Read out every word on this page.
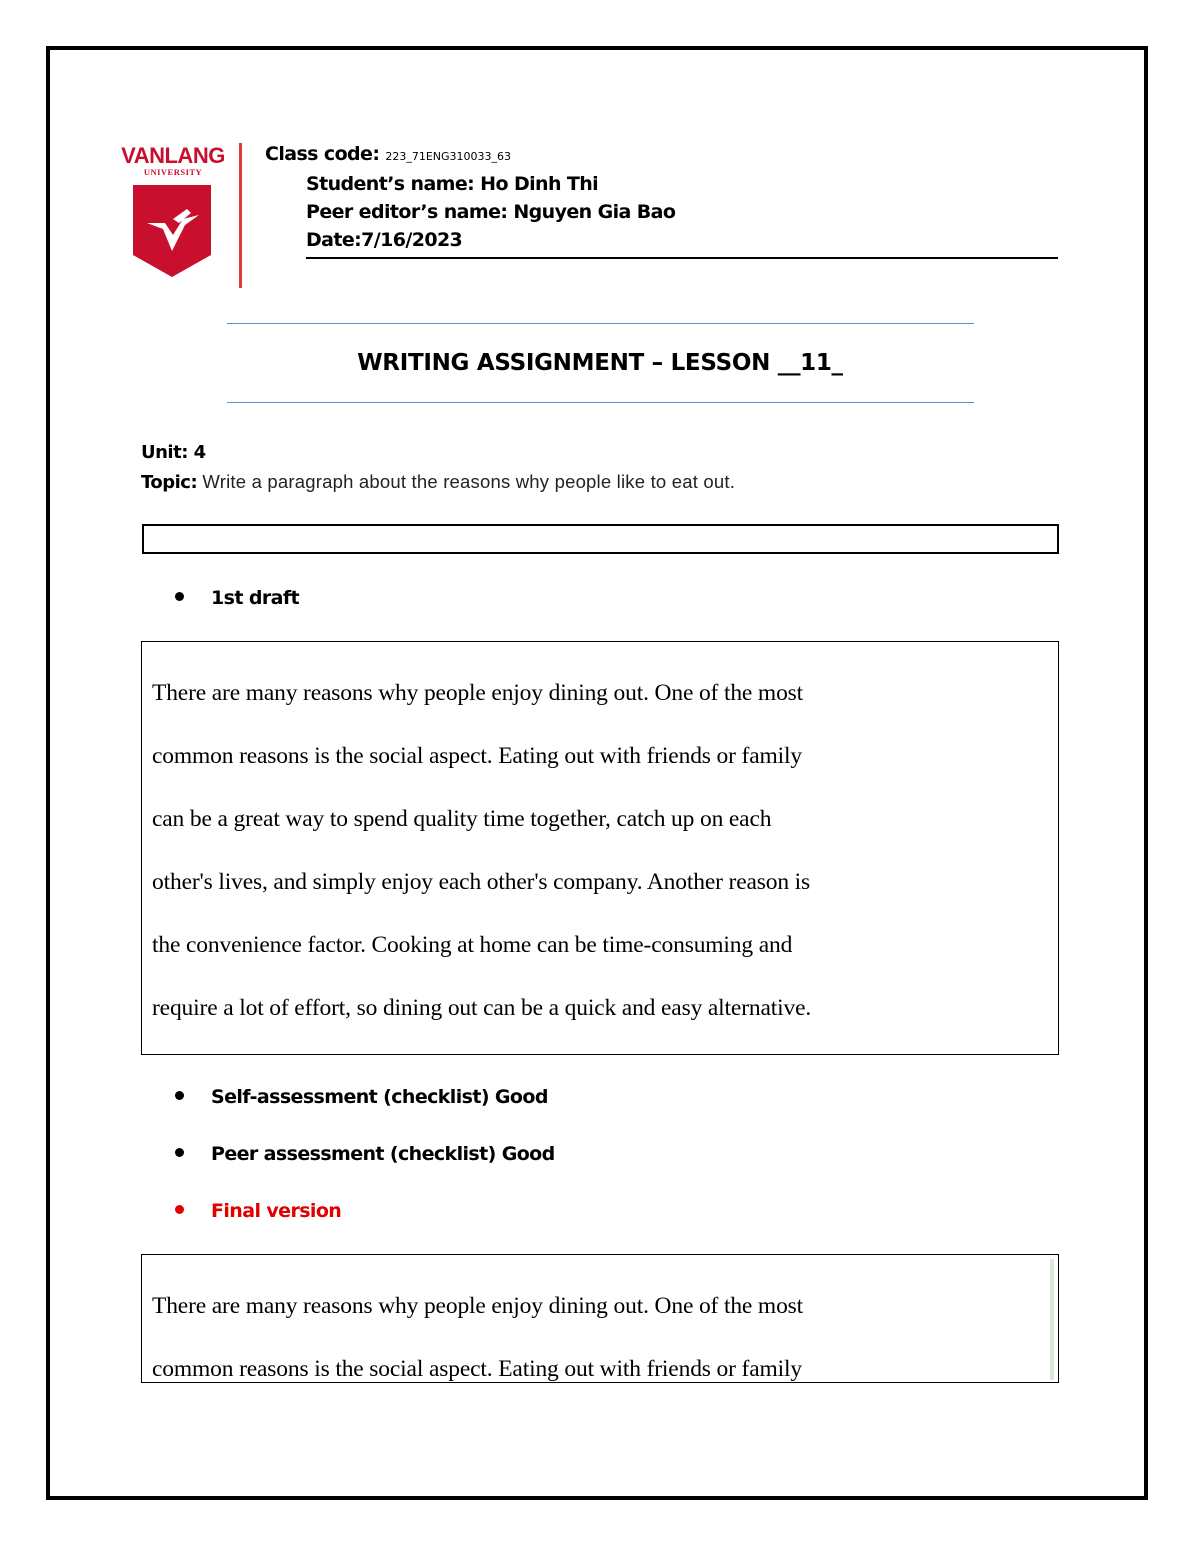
VANLANG
UNIVERSITY
Class code: 223_71ENG310033_63
Student’s name: Ho Dinh Thi
Peer editor’s name: Nguyen Gia Bao
Date:7/16/2023
WRITING ASSIGNMENT – LESSON __11_
Unit: 4
Topic: Write a paragraph about the reasons why people like to eat out.
1st draft

There are many reasons why people enjoy dining out. One of the most

common reasons is the social aspect. Eating out with friends or family

can be a great way to spend quality time together, catch up on each

other's lives, and simply enjoy each other's company. Another reason is

the convenience factor. Cooking at home can be time-consuming and

require a lot of effort, so dining out can be a quick and easy alternative.

Self-assessment (checklist) Good
Peer assessment (checklist) Good
Final version

There are many reasons why people enjoy dining out. One of the most

common reasons is the social aspect. Eating out with friends or family
